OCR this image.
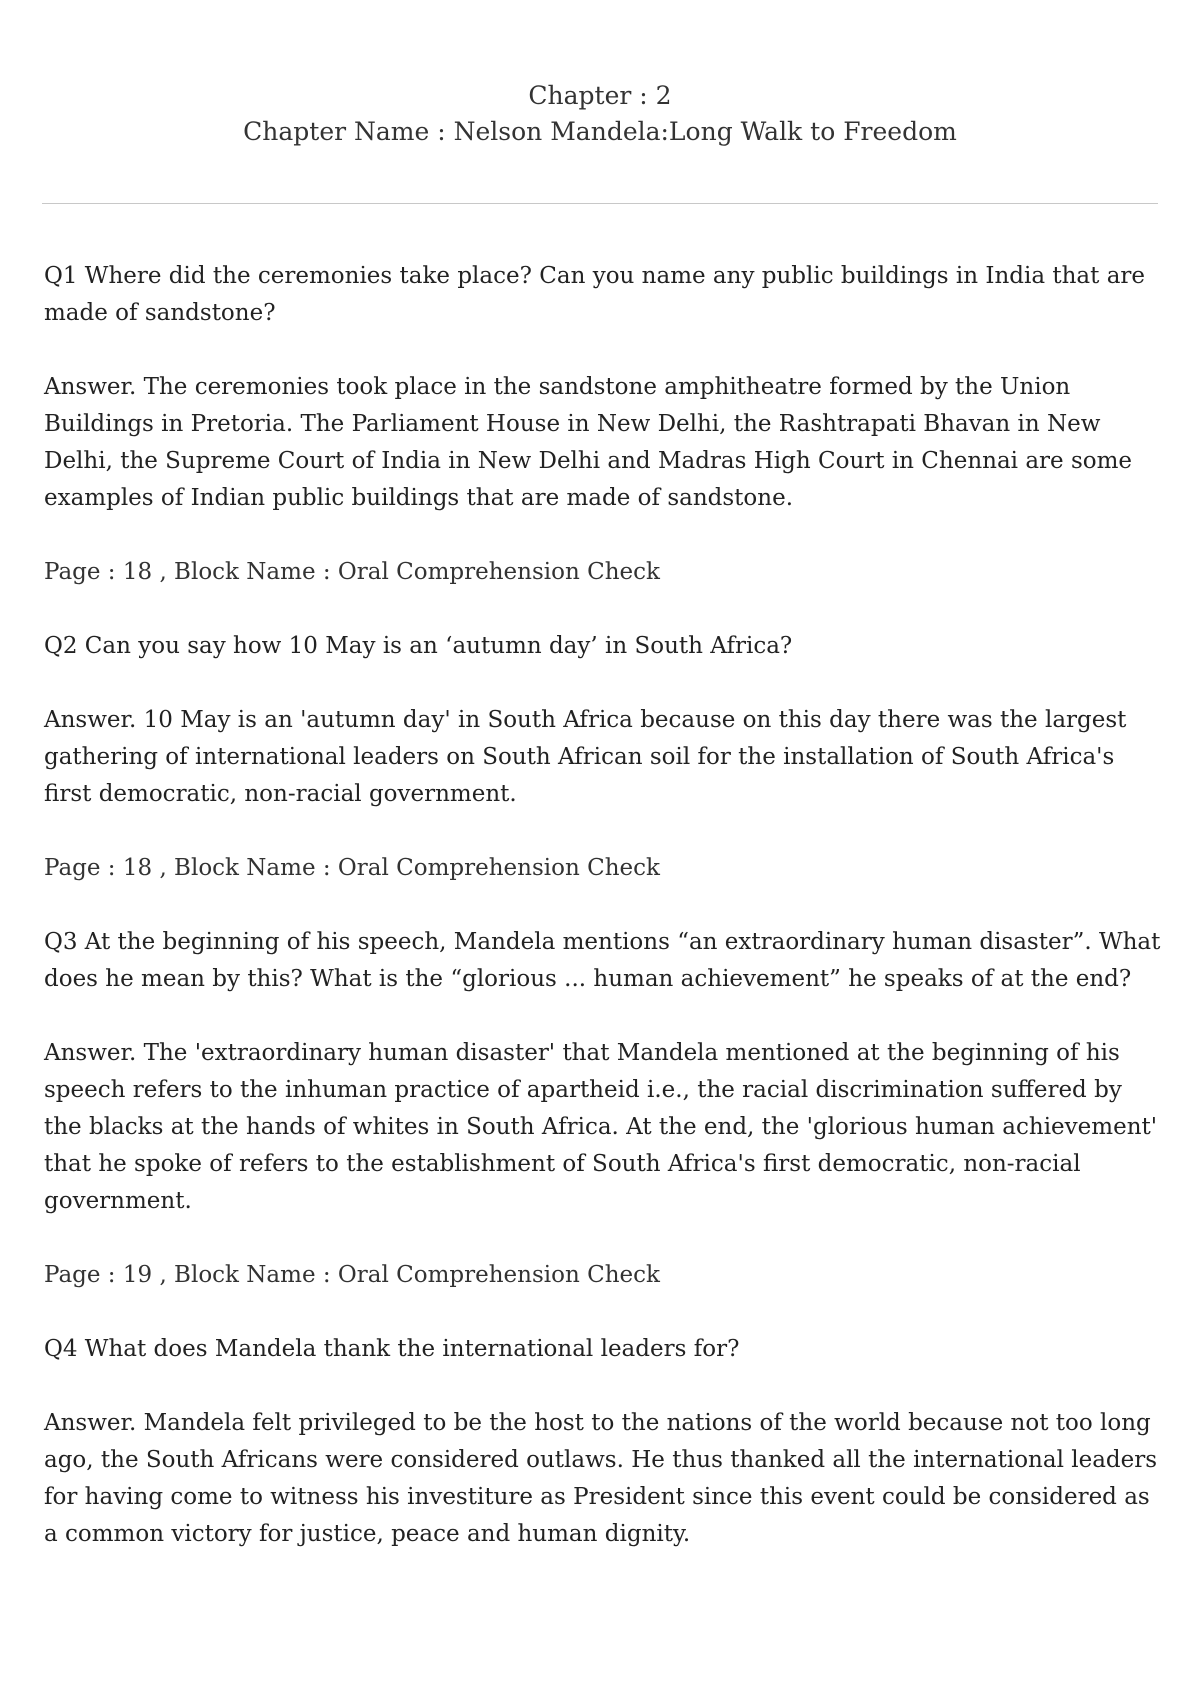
Chapter : 2
Chapter Name : Nelson Mandela:Long Walk to Freedom

Q1 Where did the ceremonies take place? Can you name any public buildings in India that are made of sandstone?

Answer. The ceremonies took place in the sandstone amphitheatre formed by the Union Buildings in Pretoria. The Parliament House in New Delhi, the Rashtrapati Bhavan in New Delhi, the Supreme Court of India in New Delhi and Madras High Court in Chennai are some examples of Indian public buildings that are made of sandstone.

Page : 18 , Block Name : Oral Comprehension Check

Q2 Can you say how 10 May is an ‘autumn day’ in South Africa?

Answer. 10 May is an 'autumn day' in South Africa because on this day there was the largest gathering of international leaders on South African soil for the installation of South Africa's first democratic, non-racial government.

Page : 18 , Block Name : Oral Comprehension Check

Q3 At the beginning of his speech, Mandela mentions “an extraordinary human disaster”. What does he mean by this? What is the “glorious ... human achievement” he speaks of at the end?

Answer. The 'extraordinary human disaster' that Mandela mentioned at the beginning of his speech refers to the inhuman practice of apartheid i.e., the racial discrimination suffered by the blacks at the hands of whites in South Africa. At the end, the 'glorious human achievement' that he spoke of refers to the establishment of South Africa's first democratic, non-racial government.

Page : 19 , Block Name : Oral Comprehension Check

Q4 What does Mandela thank the international leaders for?

Answer. Mandela felt privileged to be the host to the nations of the world because not too long ago, the South Africans were considered outlaws. He thus thanked all the international leaders for having come to witness his investiture as President since this event could be considered as a common victory for justice, peace and human dignity.
